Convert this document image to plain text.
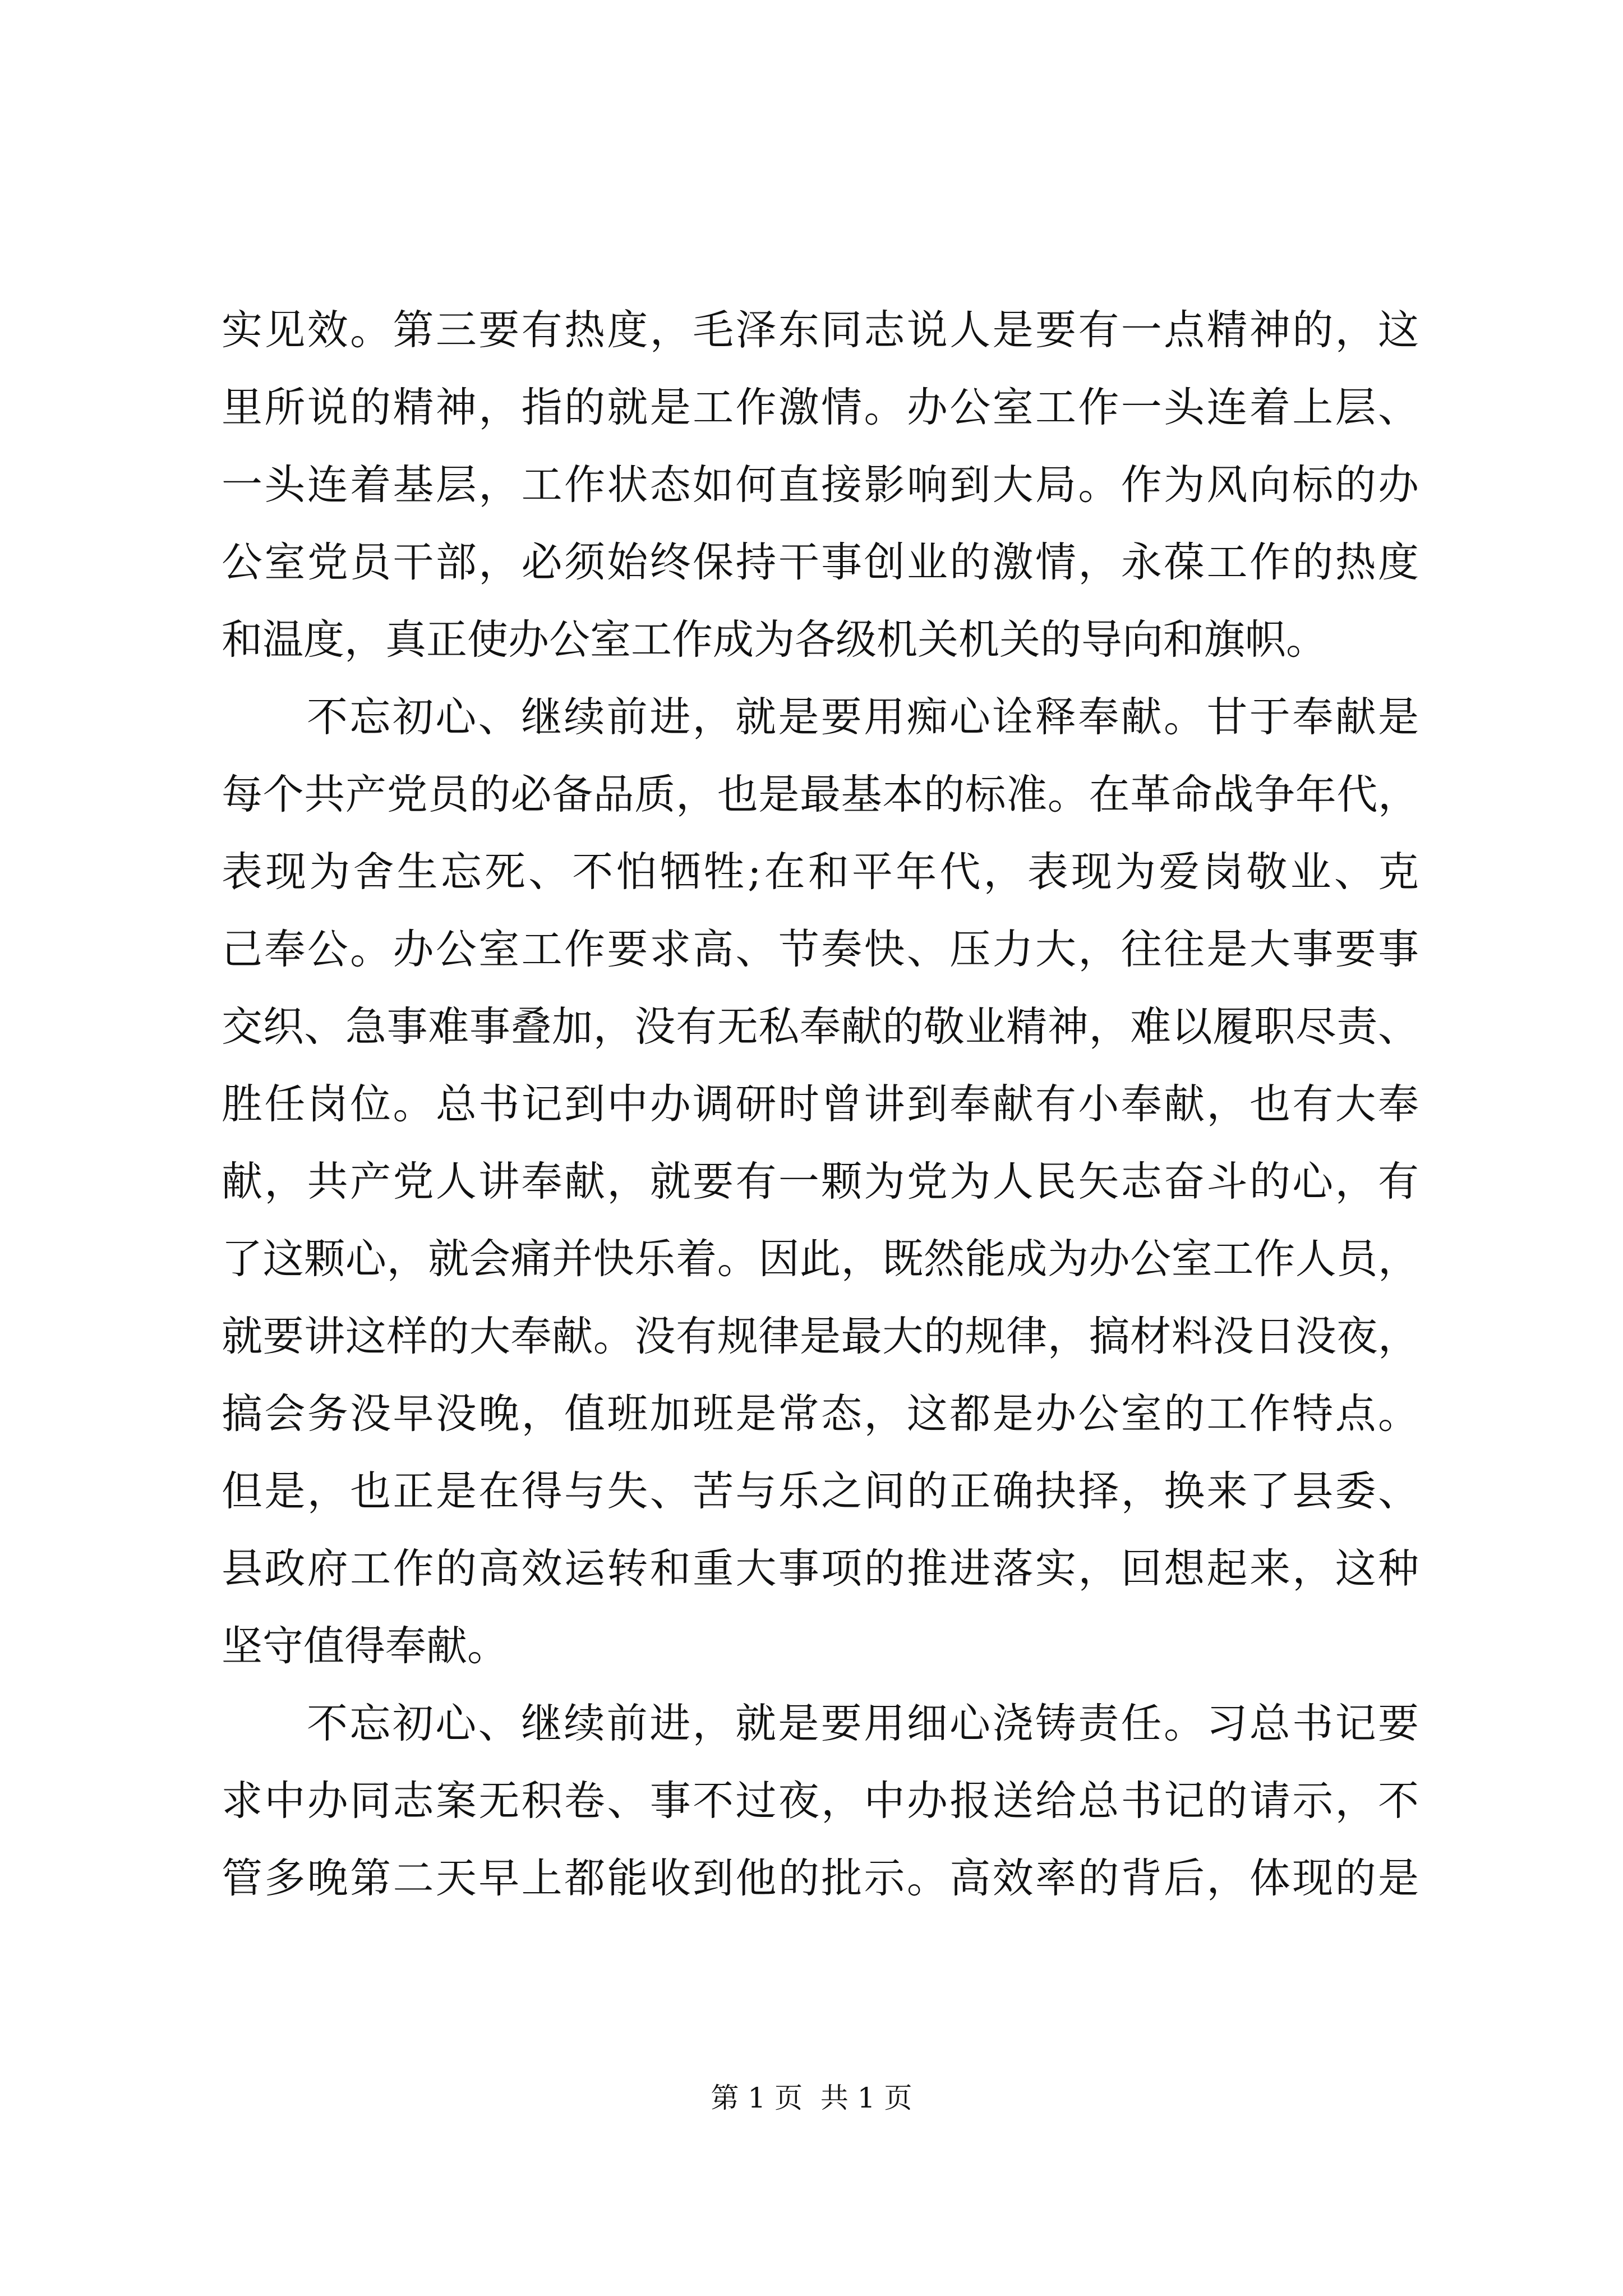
实见效。第三要有热度，毛泽东同志说人是要有一点精神的，这
里所说的精神，指的就是工作激情。办公室工作一头连着上层、
一头连着基层，工作状态如何直接影响到大局。作为风向标的办
公室党员干部，必须始终保持干事创业的激情，永葆工作的热度
和温度，真正使办公室工作成为各级机关机关的导向和旗帜。
不忘初心、继续前进，就是要用痴心诠释奉献。甘于奉献是
每个共产党员的必备品质，也是最基本的标准。在革命战争年代，
表现为舍生忘死、不怕牺牲;在和平年代，表现为爱岗敬业、克
己奉公。办公室工作要求高、节奏快、压力大，往往是大事要事
交织、急事难事叠加，没有无私奉献的敬业精神，难以履职尽责、
胜任岗位。总书记到中办调研时曾讲到奉献有小奉献，也有大奉
献，共产党人讲奉献，就要有一颗为党为人民矢志奋斗的心，有
了这颗心，就会痛并快乐着。因此，既然能成为办公室工作人员，
就要讲这样的大奉献。没有规律是最大的规律，搞材料没日没夜，
搞会务没早没晚，值班加班是常态，这都是办公室的工作特点。
但是，也正是在得与失、苦与乐之间的正确抉择，换来了县委、
县政府工作的高效运转和重大事项的推进落实，回想起来，这种
坚守值得奉献。
不忘初心、继续前进，就是要用细心浇铸责任。习总书记要
求中办同志案无积卷、事不过夜，中办报送给总书记的请示，不
管多晚第二天早上都能收到他的批示。高效率的背后，体现的是
第 1 页  共 1 页
